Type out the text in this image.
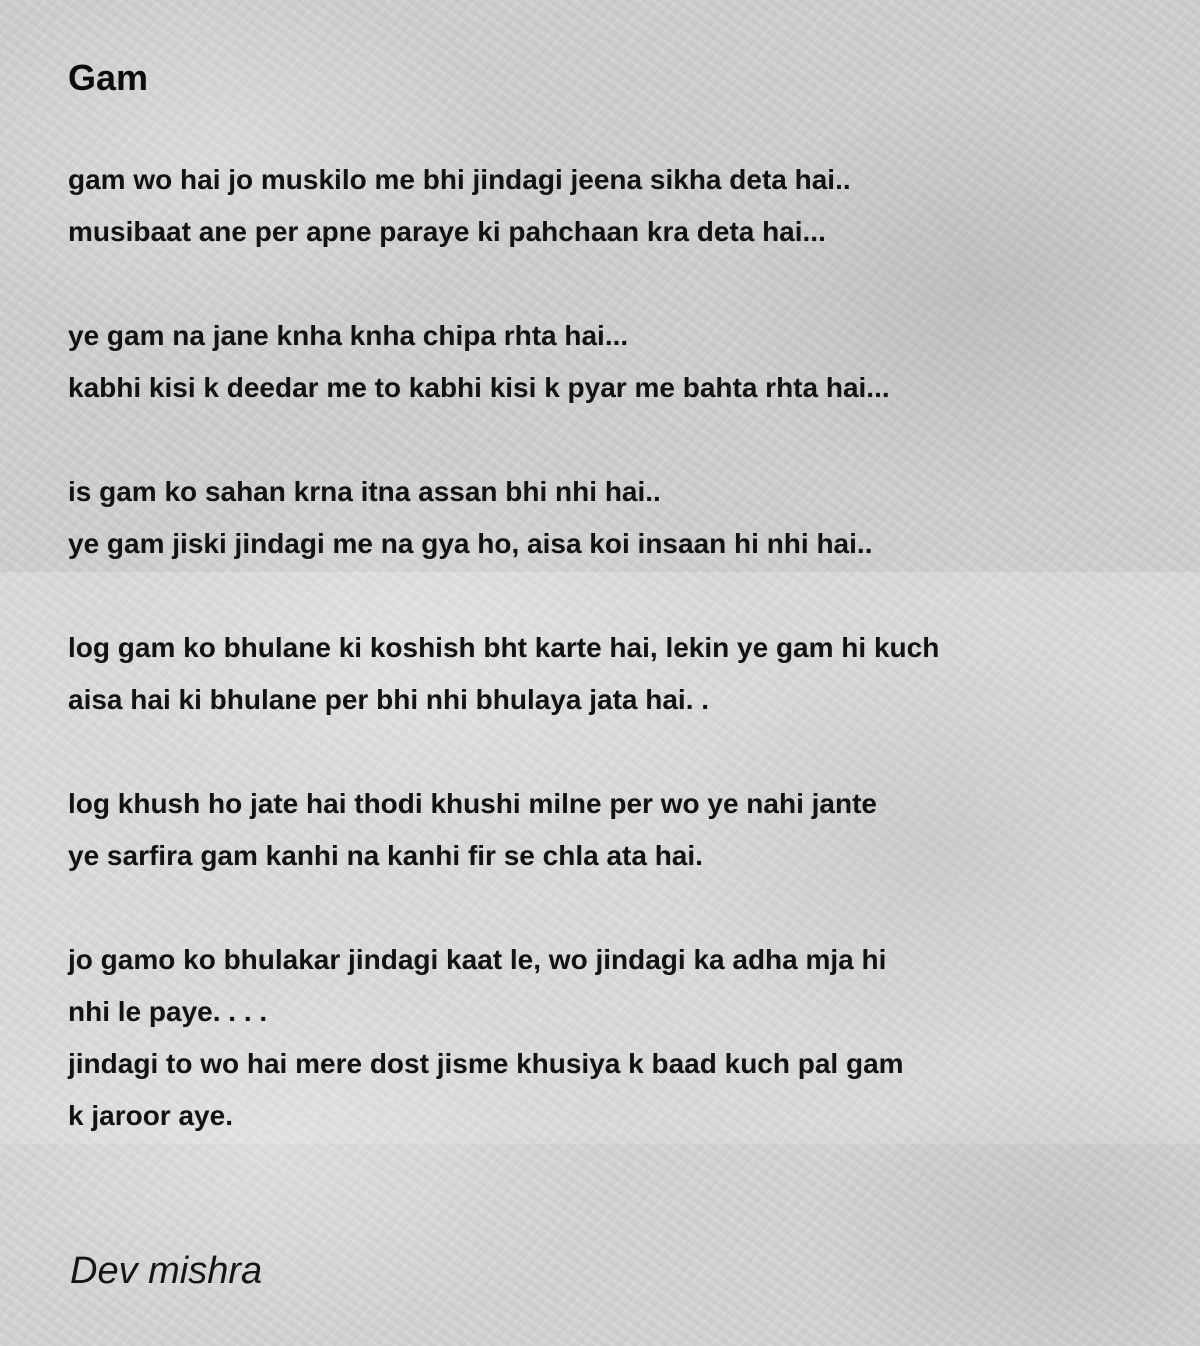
Gam
gam wo hai jo muskilo me bhi jindagi jeena sikha deta hai..
musibaat ane per apne paraye ki pahchaan kra deta hai...
ye gam na jane knha knha chipa rhta hai...
kabhi kisi k deedar me to kabhi kisi k pyar me bahta rhta hai...
is gam ko sahan krna itna assan bhi nhi hai..
ye gam jiski jindagi me na gya ho, aisa koi insaan hi nhi hai..
log gam ko bhulane ki koshish bht karte hai, lekin ye gam hi kuch
aisa hai ki bhulane per bhi nhi bhulaya jata hai. .
log khush ho jate hai thodi khushi milne per wo ye nahi jante
ye sarfira gam kanhi na kanhi fir se chla ata hai.
jo gamo ko bhulakar jindagi kaat le, wo jindagi ka adha mja hi
nhi le paye. . . .
jindagi to wo hai mere dost jisme khusiya k baad kuch pal gam
k jaroor aye.

Dev mishra
